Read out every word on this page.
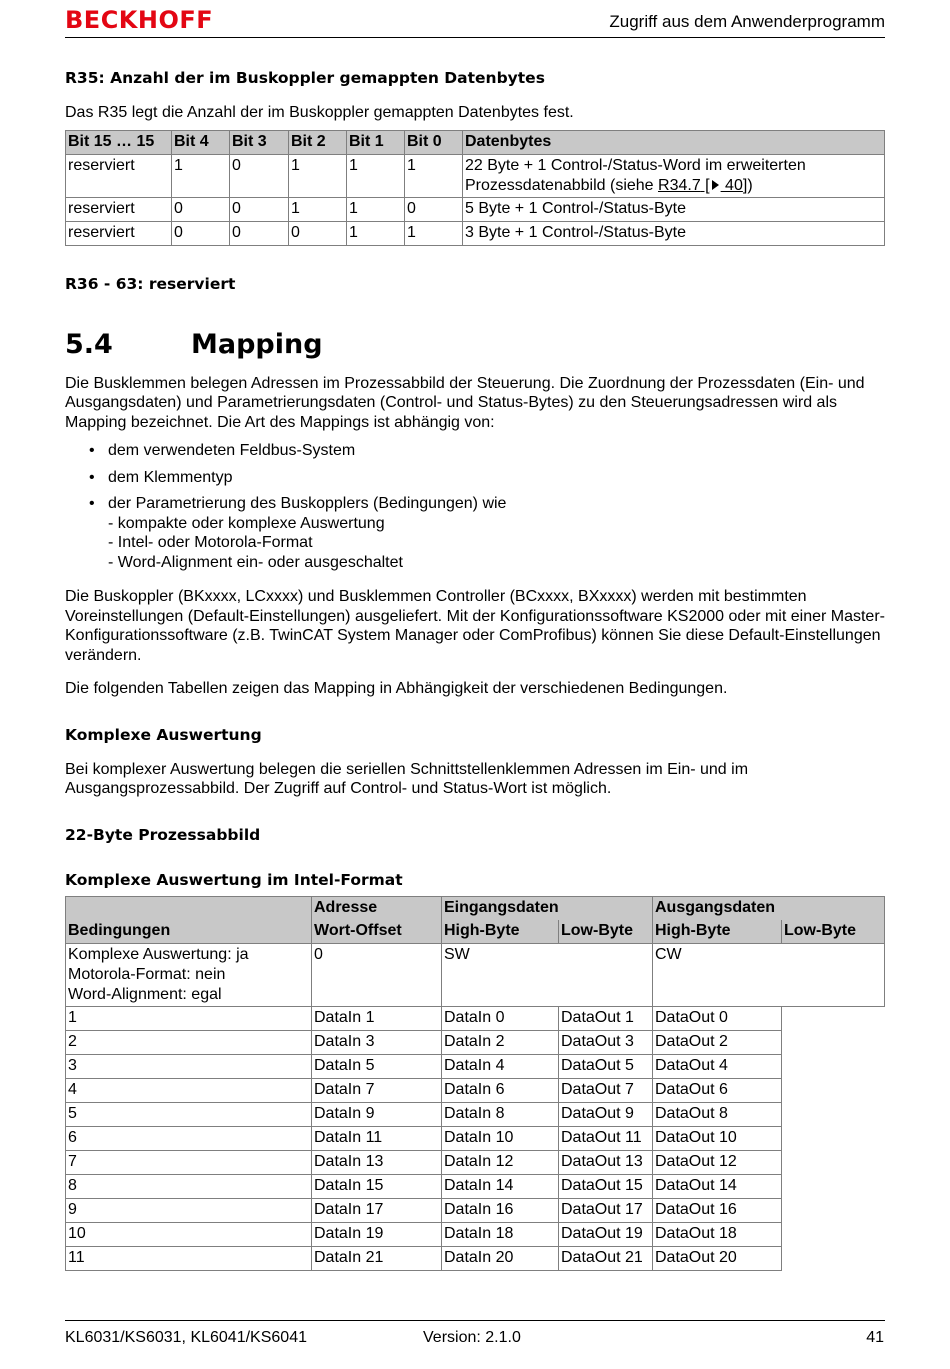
BECKHOFF	Zugriff aus dem Anwenderprogramm
R35: Anzahl der im Buskoppler gemappten Datenbytes

Das R35 legt die Anzahl der im Buskoppler gemappten Datenbytes fest.

Bit 15 … 15	Bit 4	Bit 3	Bit 2	Bit 1	Bit 0	Datenbytes
reserviert	1	0	1	1	1	22 Byte + 1 Control-/Status-Word im erweiterten
Prozessdatenabbild (siehe R34.7 [ 40])
reserviert	0	0	1	1	0	5 Byte + 1 Control-/Status-Byte
reserviert	0	0	0	1	1	3 Byte + 1 Control-/Status-Byte
R36 - 63: reserviert
5.4	Mapping

Die Busklemmen belegen Adressen im Prozessabbild der Steuerung. Die Zuordnung der Prozessdaten (Ein- und Ausgangsdaten) und Parametrierungsdaten (Control- und Status-Bytes) zu den Steuerungsadressen wird als Mapping bezeichnet. Die Art des Mappings ist abhängig von:

• dem verwendeten Feldbus-System
• dem Klemmentyp
• der Parametrierung des Buskopplers (Bedingungen) wie
- kompakte oder komplexe Auswertung
- Intel- oder Motorola-Format
- Word-Alignment ein- oder ausgeschaltet

Die Buskoppler (BKxxxx, LCxxxx) und Busklemmen Controller (BCxxxx, BXxxxx) werden mit bestimmten Voreinstellungen (Default-Einstellungen) ausgeliefert. Mit der Konfigurationssoftware KS2000 oder mit einer Master-Konfigurationssoftware (z.B. TwinCAT System Manager oder ComProfibus) können Sie diese Default-Einstellungen verändern.

Die folgenden Tabellen zeigen das Mapping in Abhängigkeit der verschiedenen Bedingungen.

Komplexe Auswertung

Bei komplexer Auswertung belegen die seriellen Schnittstellenklemmen Adressen im Ein- und im Ausgangsprozessabbild. Der Zugriff auf Control- und Status-Wort ist möglich.

22-Byte Prozessabbild
Komplexe Auswertung im Intel-Format
	Adresse	Eingangsdaten		Ausgangsdaten	
Bedingungen	Wort-Offset	High-Byte	Low-Byte	High-Byte	Low-Byte
Komplexe Auswertung: ja
Motorola-Format: nein
Word-Alignment: egal	0	SW		CW	
1	DataIn 1	DataIn 0	DataOut 1	DataOut 0	
2	DataIn 3	DataIn 2	DataOut 3	DataOut 2	
3	DataIn 5	DataIn 4	DataOut 5	DataOut 4	
4	DataIn 7	DataIn 6	DataOut 7	DataOut 6	
5	DataIn 9	DataIn 8	DataOut 9	DataOut 8	
6	DataIn 11	DataIn 10	DataOut 11	DataOut 10	
7	DataIn 13	DataIn 12	DataOut 13	DataOut 12	
8	DataIn 15	DataIn 14	DataOut 15	DataOut 14	
9	DataIn 17	DataIn 16	DataOut 17	DataOut 16	
10	DataIn 19	DataIn 18	DataOut 19	DataOut 18	
11	DataIn 21	DataIn 20	DataOut 21	DataOut 20	
KL6031/KS6031, KL6041/KS6041	Version: 2.1.0	41
